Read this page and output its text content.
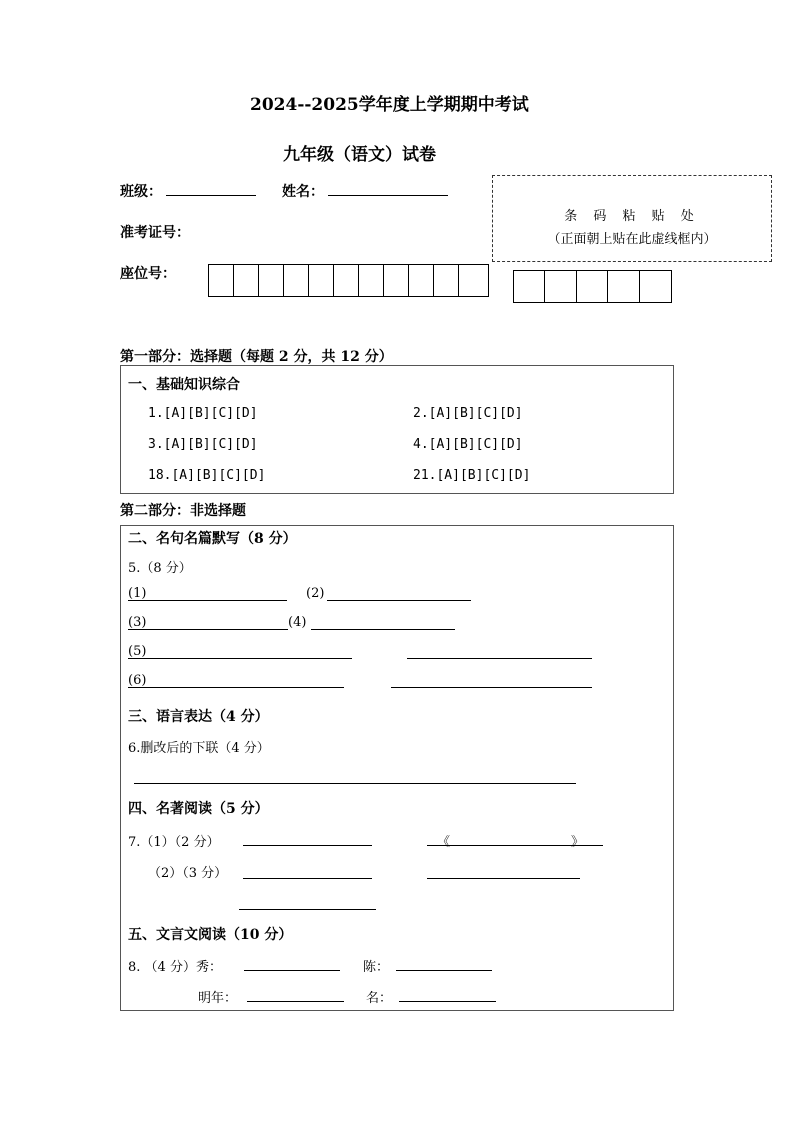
2024--2025学年度上学期期中考试
九年级（语文）试卷
班级：	姓名：
准考证号：
座位号：
条 码 粘 贴 处
（正面朝上贴在此虚线框内）
第一部分：选择题（每题 2 分，共 12 分）
一、基础知识综合
1.[A][B][C][D]	2.[A][B][C][D]
3.[A][B][C][D]	4.[A][B][C][D]
18.[A][B][C][D]	21.[A][B][C][D]
第二部分：非选择题
二、名句名篇默写（8 分）
5.（8 分）
(1)	(2)
(3)	(4)
(5)
(6)
三、语言表达（4 分）
6.删改后的下联（4 分）
四、名著阅读（5 分）
7.（1）（2 分）	《	》
（2）（3 分）
五、文言文阅读（10 分）
8. （4 分）秀：	陈：
明年：	名：
